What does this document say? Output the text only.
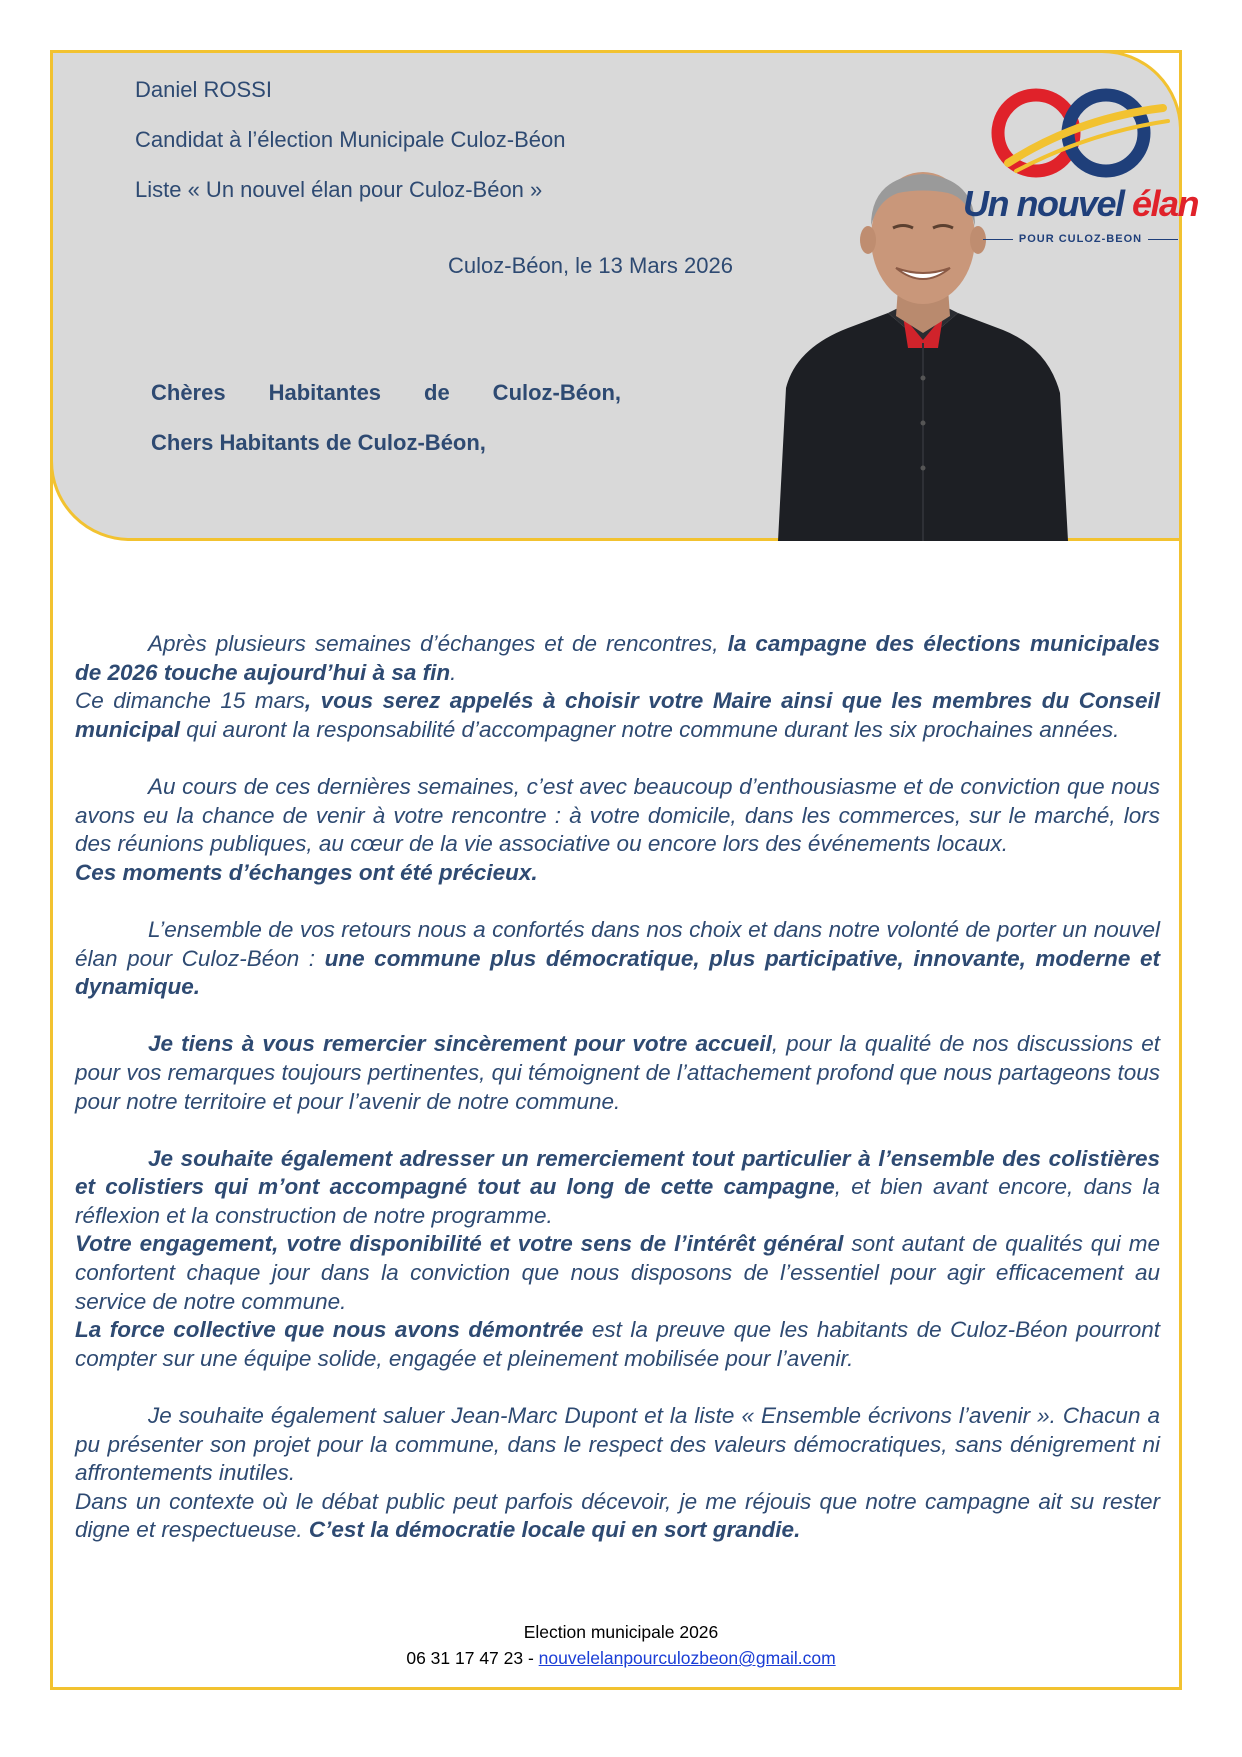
Daniel ROSSI
Candidat à l’élection Municipale Culoz-Béon
Liste « Un nouvel élan pour Culoz-Béon »
Culoz-Béon, le 13 Mars 2026
Chères Habitantes de Culoz-Béon,
Chers Habitants de Culoz-Béon,
Un nouvel élan
POUR CULOZ-BEON

Après plusieurs semaines d’échanges et de rencontres, la campagne des élections municipales de 2026 touche aujourd’hui à sa fin.

Ce dimanche 15 mars, vous serez appelés à choisir votre Maire ainsi que les membres du Conseil municipal qui auront la responsabilité d’accompagner notre commune durant les six prochaines années.

Au cours de ces dernières semaines, c’est avec beaucoup d’enthousiasme et de conviction que nous avons eu la chance de venir à votre rencontre : à votre domicile, dans les commerces, sur le marché, lors des réunions publiques, au cœur de la vie associative ou encore lors des événements locaux.

Ces moments d’échanges ont été précieux.

L’ensemble de vos retours nous a confortés dans nos choix et dans notre volonté de porter un nouvel élan pour Culoz-Béon : une commune plus démocratique, plus participative, innovante, moderne et dynamique.

Je tiens à vous remercier sincèrement pour votre accueil, pour la qualité de nos discussions et pour vos remarques toujours pertinentes, qui témoignent de l’attachement profond que nous partageons tous pour notre territoire et pour l’avenir de notre commune.

Je souhaite également adresser un remerciement tout particulier à l’ensemble des colistières et colistiers qui m’ont accompagné tout au long de cette campagne, et bien avant encore, dans la réflexion et la construction de notre programme.

Votre engagement, votre disponibilité et votre sens de l’intérêt général sont autant de qualités qui me confortent chaque jour dans la conviction que nous disposons de l’essentiel pour agir efficacement au service de notre commune.

La force collective que nous avons démontrée est la preuve que les habitants de Culoz-Béon pourront compter sur une équipe solide, engagée et pleinement mobilisée pour l’avenir.

Je souhaite également saluer Jean-Marc Dupont et la liste « Ensemble écrivons l’avenir ». Chacun a pu présenter son projet pour la commune, dans le respect des valeurs démocratiques, sans dénigrement ni affrontements inutiles.

Dans un contexte où le débat public peut parfois décevoir, je me réjouis que notre campagne ait su rester digne et respectueuse. C’est la démocratie locale qui en sort grandie.

Election municipale 2026
06 31 17 47 23 - nouvelelanpourculozbeon@gmail.com
